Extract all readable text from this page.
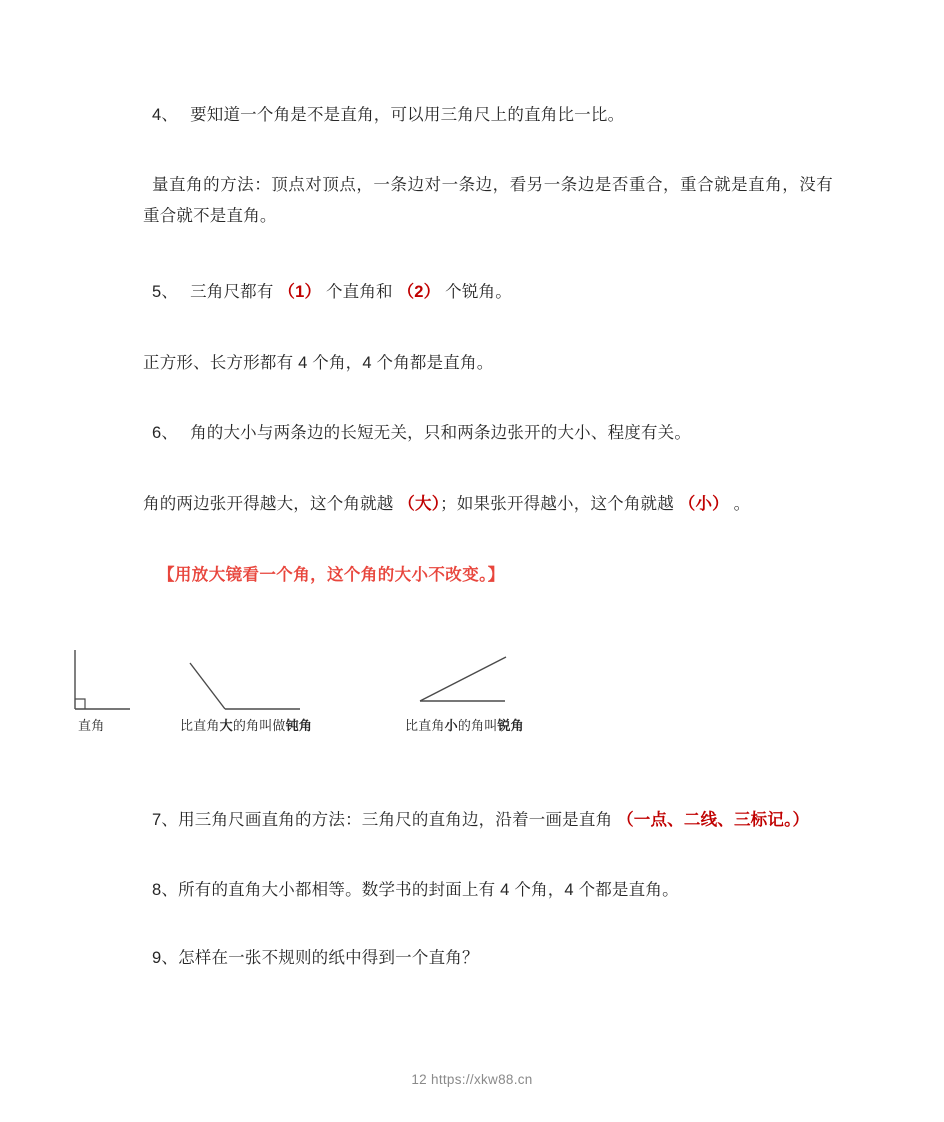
4、 要知道一个角是不是直角，可以用三角尺上的直角比一比。

量直角的方法：顶点对顶点，一条边对一条边，看另一条边是否重合，重合就是直角，没有重合就不是直角。

5、 三角尺都有 （1） 个直角和 （2） 个锐角。

正方形、长方形都有 4 个角，4 个角都是直角。

6、 角的大小与两条边的长短无关，只和两条边张开的大小、程度有关。

角的两边张开得越大，这个角就越 （大）；如果张开得越小，这个角就越 （小） 。

【用放大镜看一个角，这个角的大小不改变。】

7、用三角尺画直角的方法：三角尺的直角边，沿着一画是直角 （一点、二线、三标记。）

8、所有的直角大小都相等。数学书的封面上有 4 个角，4 个都是直角。

9、怎样在一张不规则的纸中得到一个直角？

直角	比直角大的角叫做钝角	比直角小的角叫锐角
12 https://xkw88.cn
